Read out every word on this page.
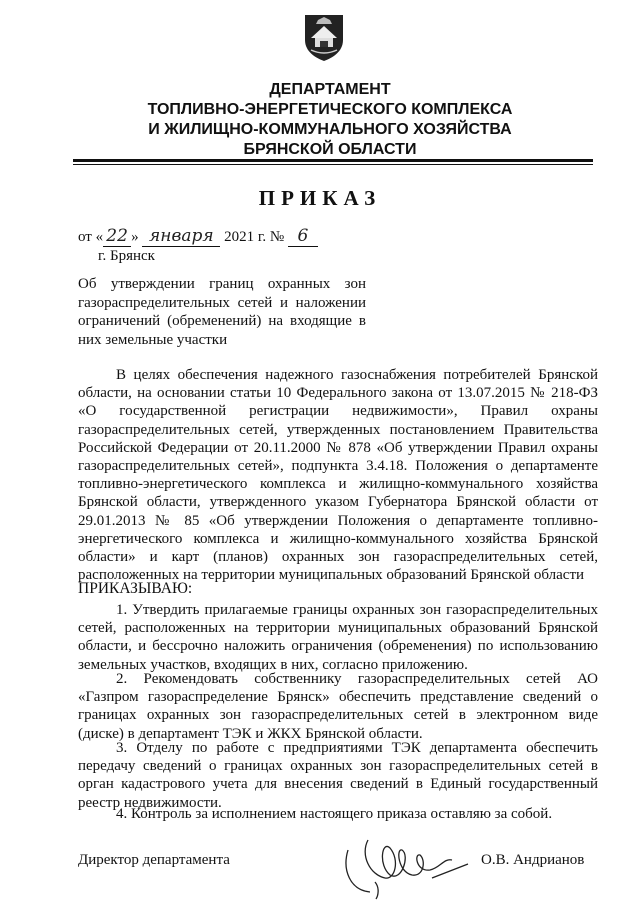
ДЕПАРТАМЕНТ
ТОПЛИВНО-ЭНЕРГЕТИЧЕСКОГО КОМПЛЕКСА
И ЖИЛИЩНО-КОММУНАЛЬНОГО ХОЗЯЙСТВА
БРЯНСКОЙ ОБЛАСТИ
ПРИКАЗ
от « 22 » января 2021 г. № 6
г. Брянск
Об утверждении границ охранных зон
газораспределительных сетей и наложении
ограничений (обременений) на входящие в
них земельные участки
В целях обеспечения надежного газоснабжения потребителей Брянской области, на основании статьи 10 Федерального закона от 13.07.2015 № 218-ФЗ «О государственной регистрации недвижимости», Правил охраны газораспределительных сетей, утвержденных постановлением Правительства Российской Федерации от 20.11.2000 № 878 «Об утверждении Правил охраны газораспределительных сетей», подпункта 3.4.18. Положения о департаменте топливно-энергетического комплекса и жилищно-коммунального хозяйства Брянской области, утвержденного указом Губернатора Брянской области от 29.01.2013 № 85 «Об утверждении Положения о департаменте топливно-энергетического комплекса и жилищно-коммунального хозяйства Брянской области» и карт (планов) охранных зон газораспределительных сетей, расположенных на территории муниципальных образований Брянской области
ПРИКАЗЫВАЮ:
1. Утвердить прилагаемые границы охранных зон газораспределительных сетей, расположенных на территории муниципальных образований Брянской области, и бессрочно наложить ограничения (обременения) по использованию земельных участков, входящих в них, согласно приложению.
2. Рекомендовать собственнику газораспределительных сетей АО «Газпром газораспределение Брянск» обеспечить представление сведений о границах охранных зон газораспределительных сетей в электронном виде (диске) в департамент ТЭК и ЖКХ Брянской области.
3. Отделу по работе с предприятиями ТЭК департамента обеспечить передачу сведений о границах охранных зон газораспределительных сетей в орган кадастрового учета для внесения сведений в Единый государственный реестр недвижимости.
4. Контроль за исполнением настоящего приказа оставляю за собой.
Директор департамента	О.В. Андрианов
